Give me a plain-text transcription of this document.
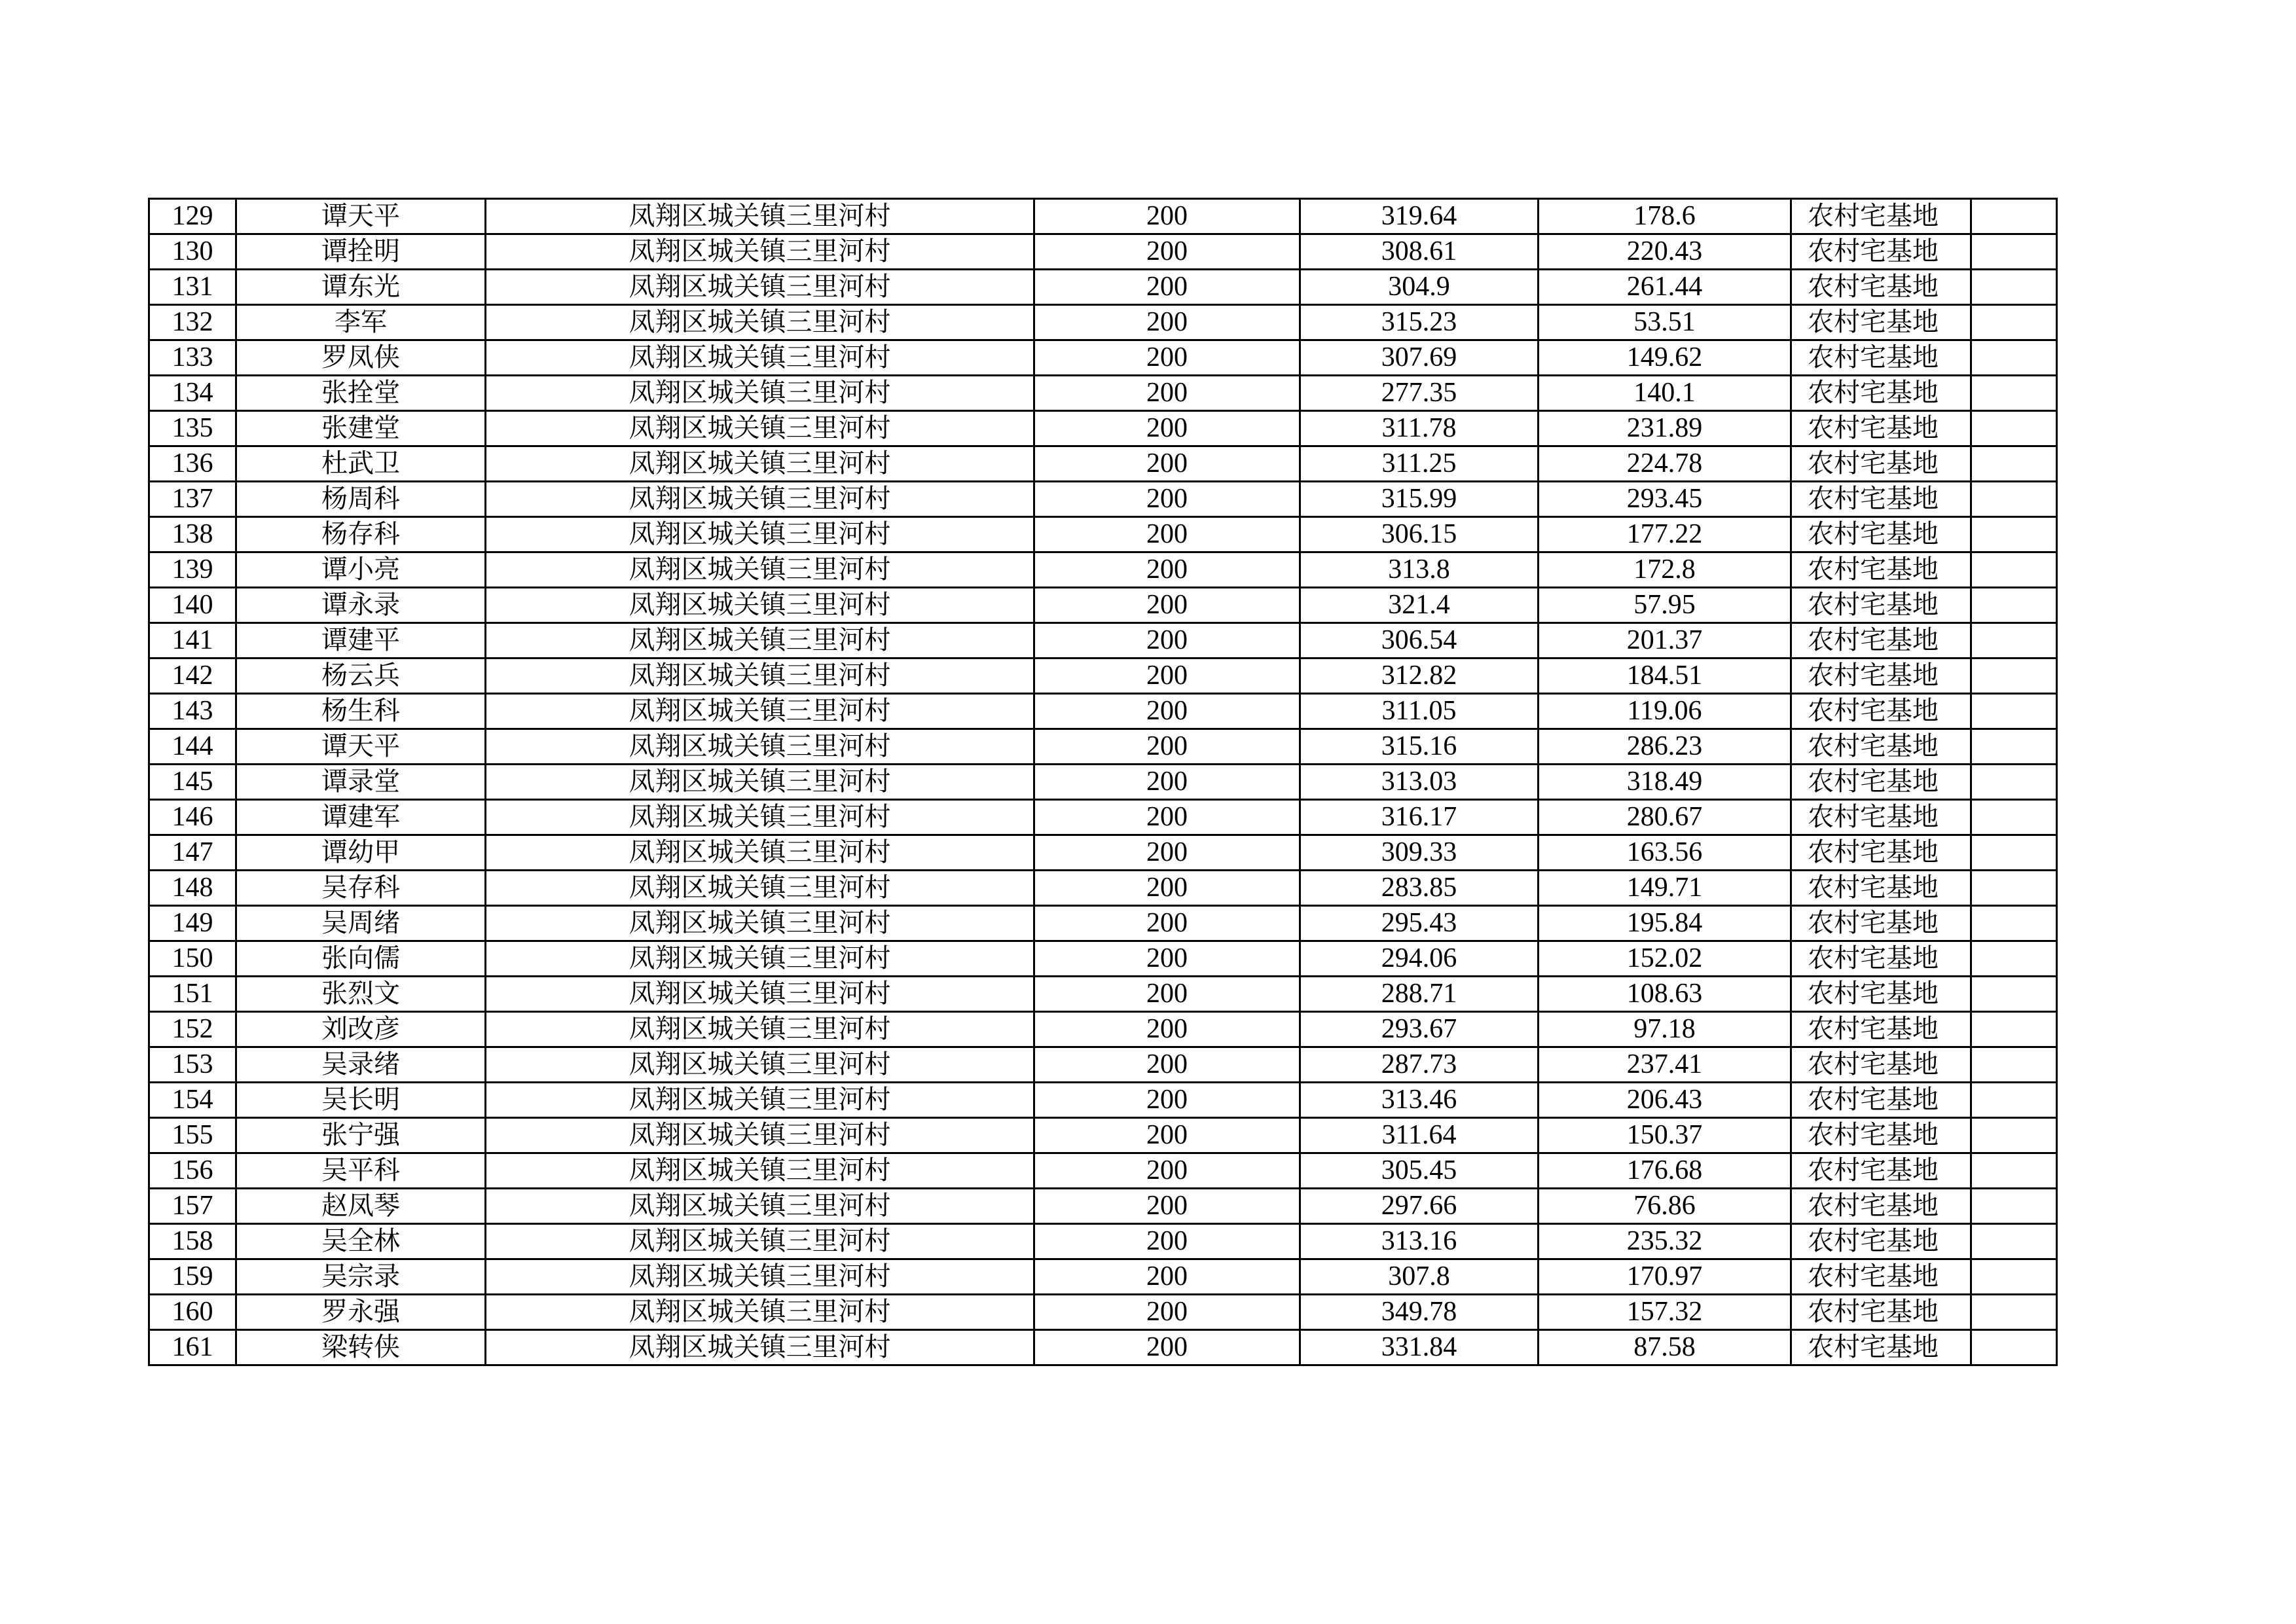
129	谭天平	凤翔区城关镇三里河村	200	319.64	178.6	农村宅基地	
130	谭拴明	凤翔区城关镇三里河村	200	308.61	220.43	农村宅基地	
131	谭东光	凤翔区城关镇三里河村	200	304.9	261.44	农村宅基地	
132	李军	凤翔区城关镇三里河村	200	315.23	53.51	农村宅基地	
133	罗凤侠	凤翔区城关镇三里河村	200	307.69	149.62	农村宅基地	
134	张拴堂	凤翔区城关镇三里河村	200	277.35	140.1	农村宅基地	
135	张建堂	凤翔区城关镇三里河村	200	311.78	231.89	农村宅基地	
136	杜武卫	凤翔区城关镇三里河村	200	311.25	224.78	农村宅基地	
137	杨周科	凤翔区城关镇三里河村	200	315.99	293.45	农村宅基地	
138	杨存科	凤翔区城关镇三里河村	200	306.15	177.22	农村宅基地	
139	谭小亮	凤翔区城关镇三里河村	200	313.8	172.8	农村宅基地	
140	谭永录	凤翔区城关镇三里河村	200	321.4	57.95	农村宅基地	
141	谭建平	凤翔区城关镇三里河村	200	306.54	201.37	农村宅基地	
142	杨云兵	凤翔区城关镇三里河村	200	312.82	184.51	农村宅基地	
143	杨生科	凤翔区城关镇三里河村	200	311.05	119.06	农村宅基地	
144	谭天平	凤翔区城关镇三里河村	200	315.16	286.23	农村宅基地	
145	谭录堂	凤翔区城关镇三里河村	200	313.03	318.49	农村宅基地	
146	谭建军	凤翔区城关镇三里河村	200	316.17	280.67	农村宅基地	
147	谭幼甲	凤翔区城关镇三里河村	200	309.33	163.56	农村宅基地	
148	吴存科	凤翔区城关镇三里河村	200	283.85	149.71	农村宅基地	
149	吴周绪	凤翔区城关镇三里河村	200	295.43	195.84	农村宅基地	
150	张向儒	凤翔区城关镇三里河村	200	294.06	152.02	农村宅基地	
151	张烈文	凤翔区城关镇三里河村	200	288.71	108.63	农村宅基地	
152	刘改彦	凤翔区城关镇三里河村	200	293.67	97.18	农村宅基地	
153	吴录绪	凤翔区城关镇三里河村	200	287.73	237.41	农村宅基地	
154	吴长明	凤翔区城关镇三里河村	200	313.46	206.43	农村宅基地	
155	张宁强	凤翔区城关镇三里河村	200	311.64	150.37	农村宅基地	
156	吴平科	凤翔区城关镇三里河村	200	305.45	176.68	农村宅基地	
157	赵凤琴	凤翔区城关镇三里河村	200	297.66	76.86	农村宅基地	
158	吴全林	凤翔区城关镇三里河村	200	313.16	235.32	农村宅基地	
159	吴宗录	凤翔区城关镇三里河村	200	307.8	170.97	农村宅基地	
160	罗永强	凤翔区城关镇三里河村	200	349.78	157.32	农村宅基地	
161	梁转侠	凤翔区城关镇三里河村	200	331.84	87.58	农村宅基地	
